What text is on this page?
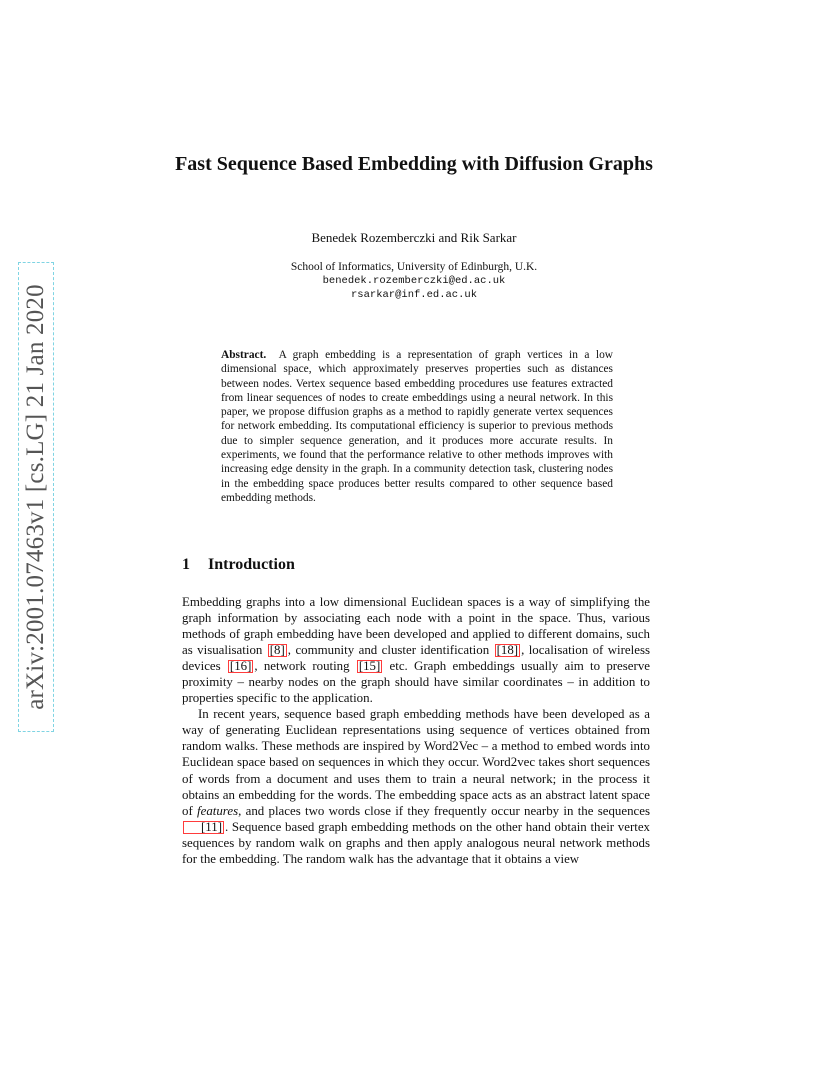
arXiv:2001.07463v1 [cs.LG] 21 Jan 2020
Fast Sequence Based Embedding with Diffusion Graphs
Benedek Rozemberczki and Rik Sarkar
School of Informatics, University of Edinburgh, U.K.
benedek.rozemberczki@ed.ac.uk
rsarkar@inf.ed.ac.uk

Abstract. A graph embedding is a representation of graph vertices in a low dimensional space, which approximately preserves properties such as distances between nodes. Vertex sequence based embedding procedures use features extracted from linear sequences of nodes to create embeddings using a neural network. In this paper, we propose diffusion graphs as a method to rapidly generate vertex sequences for network embedding. Its computational efficiency is superior to previous methods due to simpler sequence generation, and it produces more accurate results. In experiments, we found that the performance relative to other methods improves with increasing edge density in the graph. In a community detection task, clustering nodes in the embedding space produces better results compared to other sequence based embedding methods.

1 Introduction

Embedding graphs into a low dimensional Euclidean spaces is a way of simplifying the graph information by associating each node with a point in the space. Thus, various methods of graph embedding have been developed and applied to different domains, such as visualisation [8] , community and cluster identification [18] , localisation of wireless devices [16] , network routing [15] etc. Graph embeddings usually aim to preserve proximity – nearby nodes on the graph should have similar coordinates – in addition to properties specific to the application.

In recent years, sequence based graph embedding methods have been developed as a way of generating Euclidean representations using sequence of vertices obtained from random walks. These methods are inspired by Word2Vec – a method to embed words into Euclidean space based on sequences in which they occur. Word2vec takes short sequences of words from a document and uses them to train a neural network; in the process it obtains an embedding for the words. The embedding space acts as an abstract latent space of features, and places two words close if they frequently occur nearby in the sequences [11] . Sequence based graph embedding methods on the other hand obtain their vertex sequences by random walk on graphs and then apply analogous neural network methods for the embedding. The random walk has the advantage that it obtains a view
